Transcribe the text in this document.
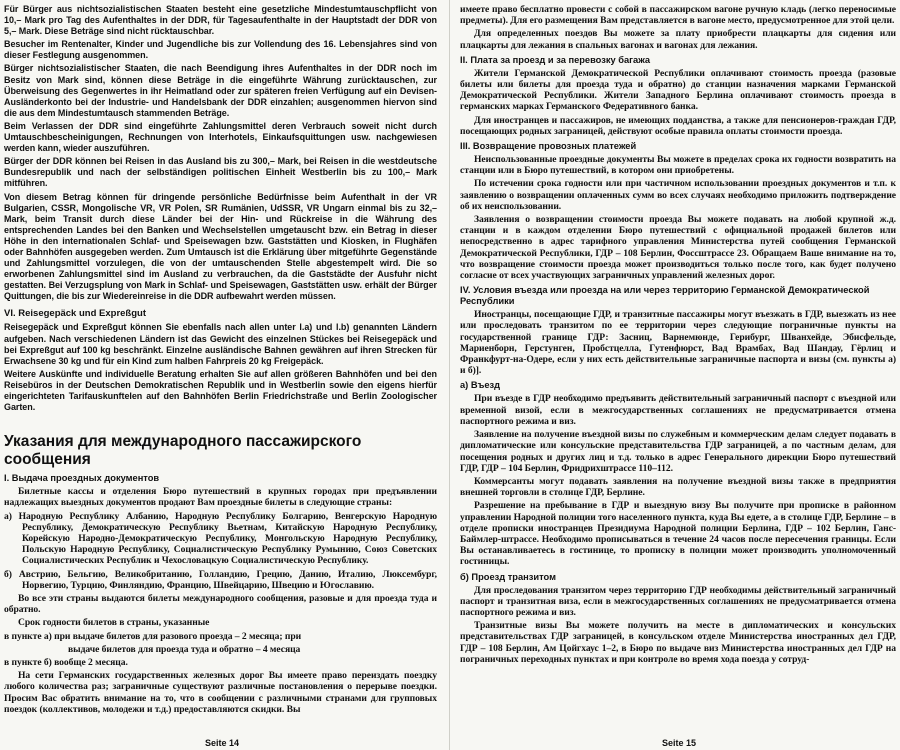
Für Bürger aus nichtsozialistischen Staaten besteht eine gesetzliche Mindestumtauschpflicht von 10,– Mark pro Tag des Aufenthaltes in der DDR, für Tagesaufenthalte in der Hauptstadt der DDR von 5,– Mark. Diese Beträge sind nicht rücktauschbar.

Besucher im Rentenalter, Kinder und Jugendliche bis zur Vollendung des 16. Lebensjahres sind von dieser Festlegung ausgenommen.

Bürger nichtsozialistischer Staaten, die nach Beendigung ihres Aufenthaltes in der DDR noch im Besitz von Mark sind, können diese Beträge in die eingeführte Währung zurücktauschen, zur Überweisung des Gegenwertes in ihr Heimatland oder zur späteren freien Verfügung auf ein Devisen-Ausländerkonto bei der Industrie- und Handelsbank der DDR einzahlen; ausgenommen hiervon sind die aus dem Mindestumtausch stammenden Beträge.

Beim Verlassen der DDR sind eingeführte Zahlungsmittel deren Verbrauch soweit nicht durch Umtauschbescheinigungen, Rechnungen von Interhotels, Einkaufsquittungen usw. nachgewiesen werden kann, wieder auszuführen.

Bürger der DDR können bei Reisen in das Ausland bis zu 300,– Mark, bei Reisen in die westdeutsche Bundesrepublik und nach der selbständigen politischen Einheit Westberlin bis zu 100,– Mark mitführen.

Von diesem Betrag können für dringende persönliche Bedürfnisse beim Aufenthalt in der VR Bulgarien, CSSR, Mongolische VR, VR Polen, SR Rumänien, UdSSR, VR Ungarn einmal bis zu 32,– Mark, beim Transit durch diese Länder bei der Hin- und Rückreise in die Währung des entsprechenden Landes bei den Banken und Wechselstellen umgetauscht bzw. ein Betrag in dieser Höhe in den internationalen Schlaf- und Speisewagen bzw. Gaststätten und Kiosken, in Flughäfen oder Bahnhöfen ausgegeben werden. Zum Umtausch ist die Erklärung über mitgeführte Gegenstände und Zahlungsmittel vorzulegen, die von der umtauschenden Stelle abgestempelt wird. Die so erworbenen Zahlungsmittel sind im Ausland zu verbrauchen, da die Gaststädte der Ausfuhr nicht gestatten. Bei Verzugsplung von Mark in Schlaf- und Speisewagen, Gaststätten usw. erhält der Bürger Quittungen, die bis zur Wiedereinreise in die DDR aufbewahrt werden müssen.

VI. Reisegepäck und Expreßgut

Reisegepäck und Expreßgut können Sie ebenfalls nach allen unter l.a) und l.b) genannten Ländern aufgeben. Nach verschiedenen Ländern ist das Gewicht des einzelnen Stückes bei Reisegepäck und bei Expreßgut auf 100 kg beschränkt. Einzelne ausländische Bahnen gewähren auf ihren Strecken für Erwachsene 30 kg und für ein Kind zum halben Fahrpreis 20 kg Freigepäck.

Weitere Auskünfte und individuelle Beratung erhalten Sie auf allen größeren Bahnhöfen und bei den Reisebüros in der Deutschen Demokratischen Republik und in Westberlin sowie den eigens hierfür eingerichteten Tarifauskunftelen auf den Bahnhöfen Berlin Friedrichstraße und Berlin Zoologischer Garten.

Указания для международного пассажирского сообщения
I. Выдача проездных документов

Билетные кассы и отделения Бюро путешествий в крупных городах при предъявлении надлежащих выездных документов продают Вам проездные билеты в следующие страны:

а) Народную Республику Албанию, Народную Республику Болгарию, Венгерскую Народную Республику, Демократическую Республику Вьетнам, Китайскую Народную Республику, Корейскую Народно-Демократическую Республику, Монгольскую Народную Республику, Польскую Народную Республику, Социалистическую Республику Румынию, Союз Советских Социалистических Республик и Чехословацкую Социалистическую Республику.

б) Австрию, Бельгию, Великобританию, Голландию, Грецию, Данию, Италию, Люксембург, Норвегию, Турцию, Финляндию, Францию, Швейцарию, Швецию и Югославию.

Во все эти страны выдаются билеты международного сообщения, разовые и для проезда туда и обратно.

Срок годности билетов в страны, указанные

в пункте а) при выдаче билетов для разового проезда – 2 месяца; при

выдаче билетов для проезда туда и обратно – 4 месяца

в пункте б) вообще 2 месяца.

На сети Германских государственных железных дорог Вы имеете право переиздать поездку любого количества раз; заграничные существуют различные постановления о перерыве поездки. Просим Вас обратить внимание на то, что в сообщении с различными странами для групповых поездок (коллективов, молодежи и т.д.) предоставляются скидки. Вы

Seite 14

имеете право бесплатно провести с собой в пассажирском вагоне ручную кладь (легко переносимые предметы). Для его размещения Вам представляется в вагоне место, предусмотренное для этой цели.

Для определенных поездов Вы можете за плату приобрести плацкарты для сидения или плацкарты для лежания в спальных вагонах и вагонах для лежания.

II. Плата за проезд и за перевозку багажа

Жители Германской Демократической Республики оплачивают стоимость проезда (разовые билеты или билеты для проезда туда и обратно) до станции назначения марками Германской Демократической Республики. Жители Западного Берлина оплачивают стоимость проезда в германских марках Германского Федеративного банка.

Для иностранцев и пассажиров, не имеющих подданства, а также для пенсионеров-граждан ГДР, посещающих родных заграницей, действуют особые правила оплаты стоимости проезда.

III. Возвращение провозных платежей

Неиспользованные проездные документы Вы можете в пределах срока их годности возвратить на станции или в Бюро путешествий, в котором они приобретены.

По истечении срока годности или при частичном использовании проездных документов и т.п. к заявлению о возвращении оплаченных сумм во всех случаях необходимо приложить подтверждение об их неиспользовании.

Заявления о возвращении стоимости проезда Вы можете подавать на любой крупной ж.д. станции и в каждом отделении Бюро путешествий с официальной продажей билетов или непосредственно в адрес тарифного управления Министерства путей сообщения Германской Демократической Республики, ГДР – 108 Берлин, Фоссштрассе 23. Обращаем Ваше внимание на то, что возвращение стоимости проезда может производиться только после того, как будет получено согласие от всех участвующих заграничных управлений железных дорог.

IV. Условия въезда или проезда на или через территорию Германской Демократической Республики

Иностранцы, посещающие ГДР, и транзитные пассажиры могут въезжать в ГДР, выезжать из нее или проследовать транзитом по ее территории через следующие пограничные пункты на государственной границе ГДР: Засниц, Варнемюнде, Герибург, Шванхейде, Эбисфельде, Мариенборн, Герстунген, Пробстцелла, Гутенфюрст, Вад Врамбах, Вад Шандау, Гёрлиц и Франкфурт-на-Одере, если у них есть действительные заграничные паспорта и визы (см. пункты а) и б)].

а) Въезд

При въезде в ГДР необходимо предъявить действительный заграничный паспорт с въездной или временной визой, если в межгосударственных соглашениях не предусматривается отмена паспортного режима и виз.

Заявление на получение въездной визы по служебным и коммерческим делам следует подавать в дипломатические или консульские представительства ГДР заграницей, а по частным делам, для посещения родных и других лиц и т.д. только в адрес Генерального дирекции Бюро путешествий ГДР, ГДР – 104 Берлин, Фридрихштрассе 110–112.

Коммерсанты могут подавать заявления на получение въездной визы также в предприятия внешней торговли в столице ГДР, Берлине.

Разрешение на пребывание в ГДР и выездную визу Вы получите при прописке в районном управлении Народной полиции того населенного пункта, куда Вы едете, а в столице ГДР, Берлине – в отделе прописки иностранцев Президиума Народной полиции Берлина, ГДР – 102 Берлин, Ганс-Баймлер-штрассе. Необходимо прописываться в течение 24 часов после пересечения границы. Если Вы останавливаетесь в гостинице, то прописку в полиции может производить уполномоченный гостиницы.

б) Проезд транзитом

Для проследования транзитом через территорию ГДР необходимы действительный заграничный паспорт и транзитная виза, если в межгосударственных соглашениях не предусматривается отмена паспортного режима и виз.

Транзитные визы Вы можете получить на месте в дипломатических и консульских представительствах ГДР заграницей, в консульском отделе Министерства иностранных дел ГДР, ГДР – 108 Берлин, Ам Цойгхаус 1–2, в Бюро по выдаче виз Министерства иностранных дел ГДР на пограничных переходных пунктах и при контроле во время хода поезда у сотруд-

Seite 15
